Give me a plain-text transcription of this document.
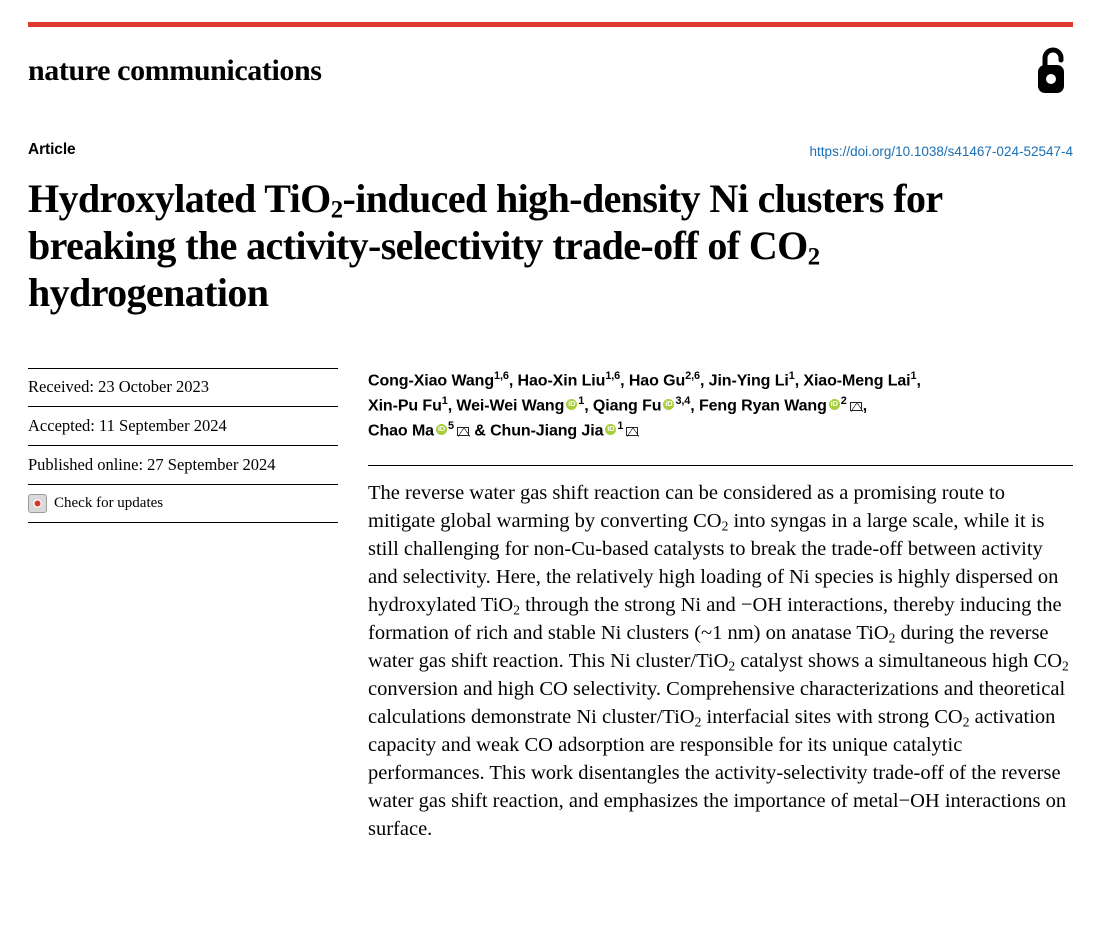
nature communications
Article	https://doi.org/10.1038/s41467-024-52547-4
Hydroxylated TiO$_2$-induced high-density Ni clusters for breaking the activity-selectivity trade-off of $CO_2$ hydrogenation
Received: 23 October 2023
Accepted: 11 September 2024
Published online: 27 September 2024
Check for updates
Cong-Xiao Wang$^{1,6}$, Hao-Xin Liu$^{1,6}$, Hao Gu$^{2,6}$, Jin-Ying Li$^1$, Xiao-Meng Lai$^1$,
Xin-Pu Fu$^1$, Wei-Wei Wang iD $^1$, Qiang Fu iD $^{3,4}$, Feng Ryan Wang iD $^2$ ,
Chao Ma iD $^5$ & Chun-Jiang Jia iD $^1$
The reverse water gas shift reaction can be considered as a promising route to mitigate global warming by converting $CO_2$ into syngas in a large scale, while it is still challenging for non-Cu-based catalysts to break the trade-off between activity and selectivity. Here, the relatively high loading of Ni species is highly dispersed on hydroxylated TiO$_2$ through the strong Ni and −OH interactions, thereby inducing the formation of rich and stable Ni clusters (~1 nm) on anatase TiO$_2$ during the reverse water gas shift reaction. This Ni cluster/TiO$_2$ catalyst shows a simultaneous high $CO_2$ conversion and high CO selectivity. Comprehensive characterizations and theoretical calculations demonstrate Ni cluster/TiO$_2$ interfacial sites with strong $CO_2$ activation capacity and weak CO adsorption are responsible for its unique catalytic performances. This work disentangles the activity-selectivity trade-off of the reverse water gas shift reaction, and emphasizes the importance of metal−OH interactions on surface.
